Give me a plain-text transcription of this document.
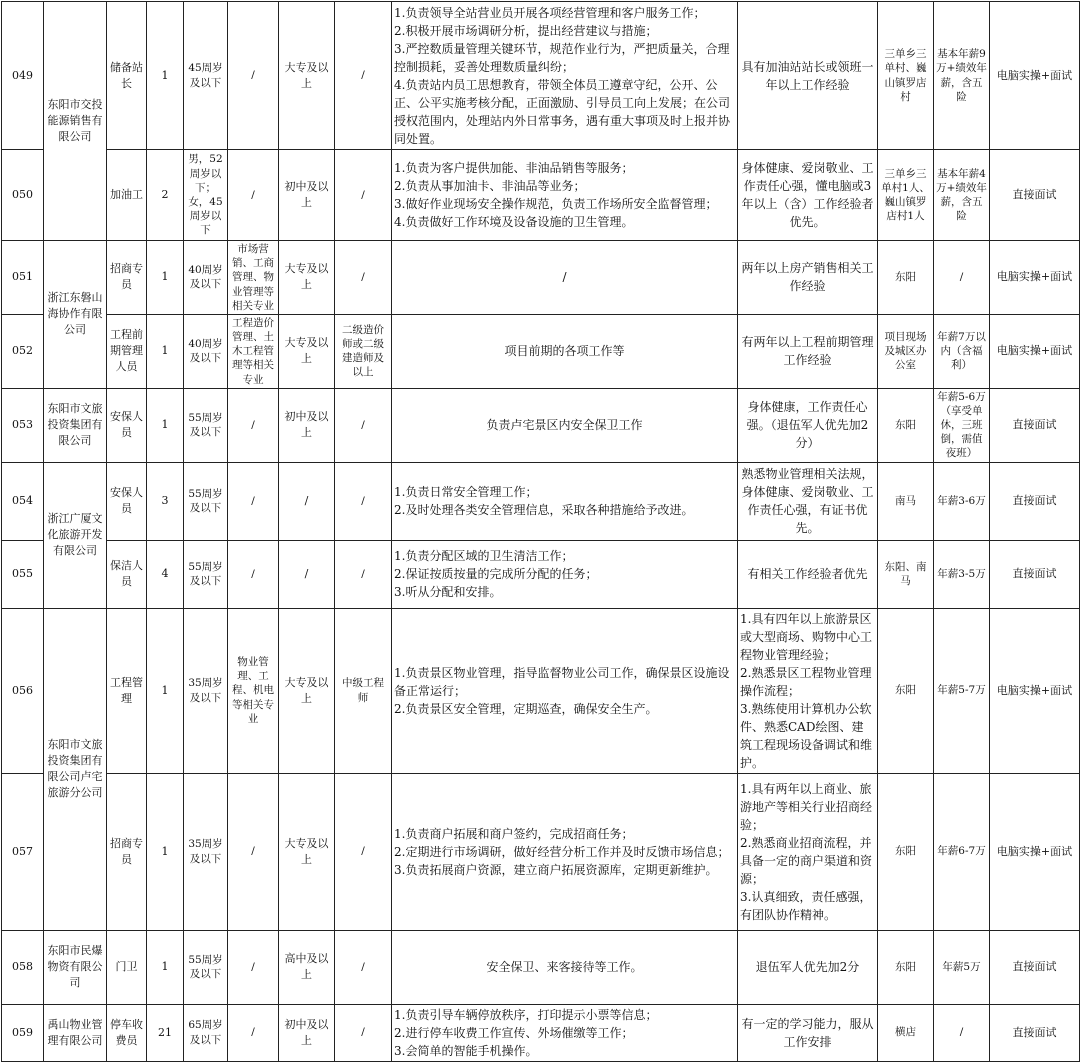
049	东阳市交投能源销售有限公司	储备站长	1	45周岁及以下	/	大专及以上	/	1.负责领导全站营业员开展各项经营管理和客户服务工作；
2.积极开展市场调研分析，提出经营建议与措施；
3.严控数质量管理关键环节，规范作业行为，严把质量关，合理控制损耗，妥善处理数质量纠纷；
4.负责站内员工思想教育，带领全体员工遵章守纪，公开、公正、公平实施考核分配，正面激励、引导员工向上发展；在公司授权范围内，处理站内外日常事务，遇有重大事项及时上报并协同处置。	具有加油站站长或领班一年以上工作经验	三单乡三单村、巍山镇罗店村	基本年薪9万+绩效年薪，含五险	电脑实操+面试
050		加油工	2	男，52周岁以下；女，45周岁以下	/	初中及以上	/	1.负责为客户提供加能、非油品销售等服务；
2.负责从事加油卡、非油品等业务；
3.做好作业现场安全操作规范，负责工作场所安全监督管理；
4.负责做好工作环境及设备设施的卫生管理。	身体健康、爱岗敬业、工作责任心强，懂电脑或3年以上（含）工作经验者优先。	三单乡三单村1人、巍山镇罗店村1人	基本年薪4万+绩效年薪，含五险	直接面试
051	浙江东磐山海协作有限公司	招商专员	1	40周岁及以下	市场营销、工商管理、物业管理等相关专业	大专及以上	/	/	两年以上房产销售相关工作经验	东阳	/	电脑实操+面试
052		工程前期管理人员	1	40周岁及以下	工程造价管理、土木工程管理等相关专业	大专及以上	二级造价师或二级建造师及以上	项目前期的各项工作等	有两年以上工程前期管理工作经验	项目现场及城区办公室	年薪7万以内（含福利）	电脑实操+面试
053	东阳市文旅投资集团有限公司	安保人员	1	55周岁及以下	/	初中及以上	/	负责卢宅景区内安全保卫工作	身体健康，工作责任心强。（退伍军人优先加2分）	东阳	年薪5-6万（享受单休，三班倒，需值夜班）	直接面试
054	浙江广厦文化旅游开发有限公司	安保人员	3	55周岁及以下	/	/	/	1.负责日常安全管理工作；
2.及时处理各类安全管理信息，采取各种措施给予改进。	熟悉物业管理相关法规，身体健康、爱岗敬业、工作责任心强，有证书优先。	南马	年薪3-6万	直接面试
055		保洁人员	4	55周岁及以下	/	/	/	1.负责分配区域的卫生清洁工作；
2.保证按质按量的完成所分配的任务；
3.听从分配和安排。	有相关工作经验者优先	东阳、南马	年薪3-5万	直接面试
056	东阳市文旅投资集团有限公司卢宅旅游分公司	工程管理	1	35周岁及以下	物业管理、工程、机电等相关专业	大专及以上	中级工程师	1.负责景区物业管理，指导监督物业公司工作，确保景区设施设备正常运行；
2.负责景区安全管理，定期巡查，确保安全生产。	1.具有四年以上旅游景区或大型商场、购物中心工程物业管理经验；
2.熟悉景区工程物业管理操作流程；
3.熟练使用计算机办公软件、熟悉CAD绘图、建筑工程现场设备调试和维护。	东阳	年薪5-7万	电脑实操+面试
057		招商专员	1	35周岁及以下	/	大专及以上	/	1.负责商户拓展和商户签约，完成招商任务；
2.定期进行市场调研，做好经营分析工作并及时反馈市场信息；
3.负责拓展商户资源，建立商户拓展资源库，定期更新维护。	1.具有两年以上商业、旅游地产等相关行业招商经验；
2.熟悉商业招商流程，并具备一定的商户渠道和资源；
3.认真细致，责任感强，有团队协作精神。	东阳	年薪6-7万	电脑实操+面试
058	东阳市民爆物资有限公司	门卫	1	55周岁及以下	/	高中及以上	/	安全保卫、来客接待等工作。	退伍军人优先加2分	东阳	年薪5万	直接面试
059	禹山物业管理有限公司	停车收费员	21	65周岁及以下	/	初中及以上	/	1.负责引导车辆停放秩序，打印提示小票等信息；
2.进行停车收费工作宣传、外场催缴等工作；
3.会简单的智能手机操作。	有一定的学习能力，服从工作安排	横店	/	直接面试
